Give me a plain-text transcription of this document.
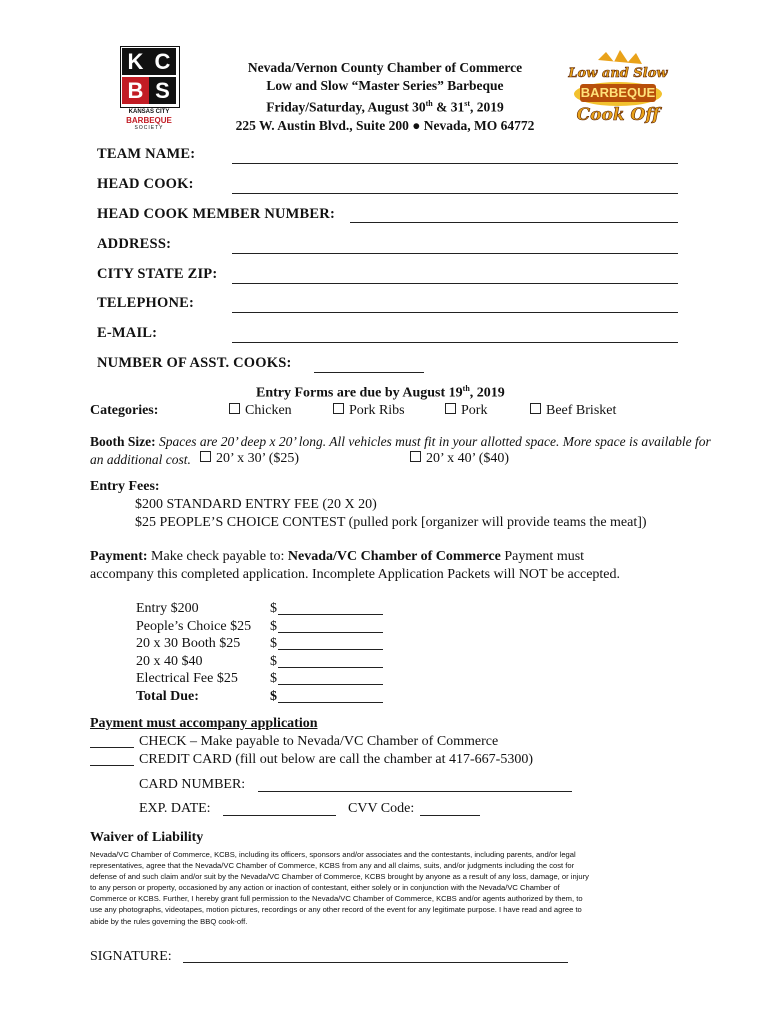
K C
B S
KANSAS CITY
BARBEQUE
SOCIETY
Low and Slow
BARBEQUE
Cook Off
Nevada/Vernon County Chamber of Commerce
Low and Slow “Master Series” Barbeque
Friday/Saturday, August 30th & 31st, 2019
225 W. Austin Blvd., Suite 200 ● Nevada, MO 64772
TEAM NAME:
HEAD COOK:
HEAD COOK MEMBER NUMBER:
ADDRESS:
CITY STATE ZIP:
TELEPHONE:
E-MAIL:
NUMBER OF ASST. COOKS:
Entry Forms are due by August 19th, 2019
Categories:	Chicken	Pork Ribs	Pork	Beef Brisket
Booth Size: Spaces are 20’ deep x 20’ long. All vehicles must fit in your allotted space. More space is available for
an additional cost.	20’ x 30’ ($25)	20’ x 40’ ($40)
Entry Fees:
$200 STANDARD ENTRY FEE (20 X 20)
$25 PEOPLE’S CHOICE CONTEST (pulled pork [organizer will provide teams the meat])
Payment: Make check payable to: Nevada/VC Chamber of Commerce Payment must
accompany this completed application. Incomplete Application Packets will NOT be accepted.
Entry $200	$
People’s Choice $25 $
20 x 30 Booth $25 $
20 x 40 $40	$
Electrical Fee $25 $
Total Due:	$
Payment must accompany application
CHECK – Make payable to Nevada/VC Chamber of Commerce
CREDIT CARD (fill out below are call the chamber at 417-667-5300)
CARD NUMBER:
EXP. DATE:	CVV Code:
Waiver of Liability

Nevada/VC Chamber of Commerce, KCBS, including its officers, sponsors and/or associates and the contestants, including parents, and/or legal

representatives, agree that the Nevada/VC Chamber of Commerce, KCBS from any and all claims, suits, and/or judgments including the cost for

defense of and such claim and/or suit by the Nevada/VC Chamber of Commerce, KCBS brought by anyone as a result of any loss, damage, or injury

to any person or property, occasioned by any action or inaction of contestant, either solely or in conjunction with the Nevada/VC Chamber of

Commerce or KCBS. Further, I hereby grant full permission to the Nevada/VC Chamber of Commerce, KCBS and/or agents authorized by them, to

use any photographs, videotapes, motion pictures, recordings or any other record of the event for any legitimate purpose. I have read and agree to

abide by the rules governing the BBQ cook-off.

SIGNATURE:
